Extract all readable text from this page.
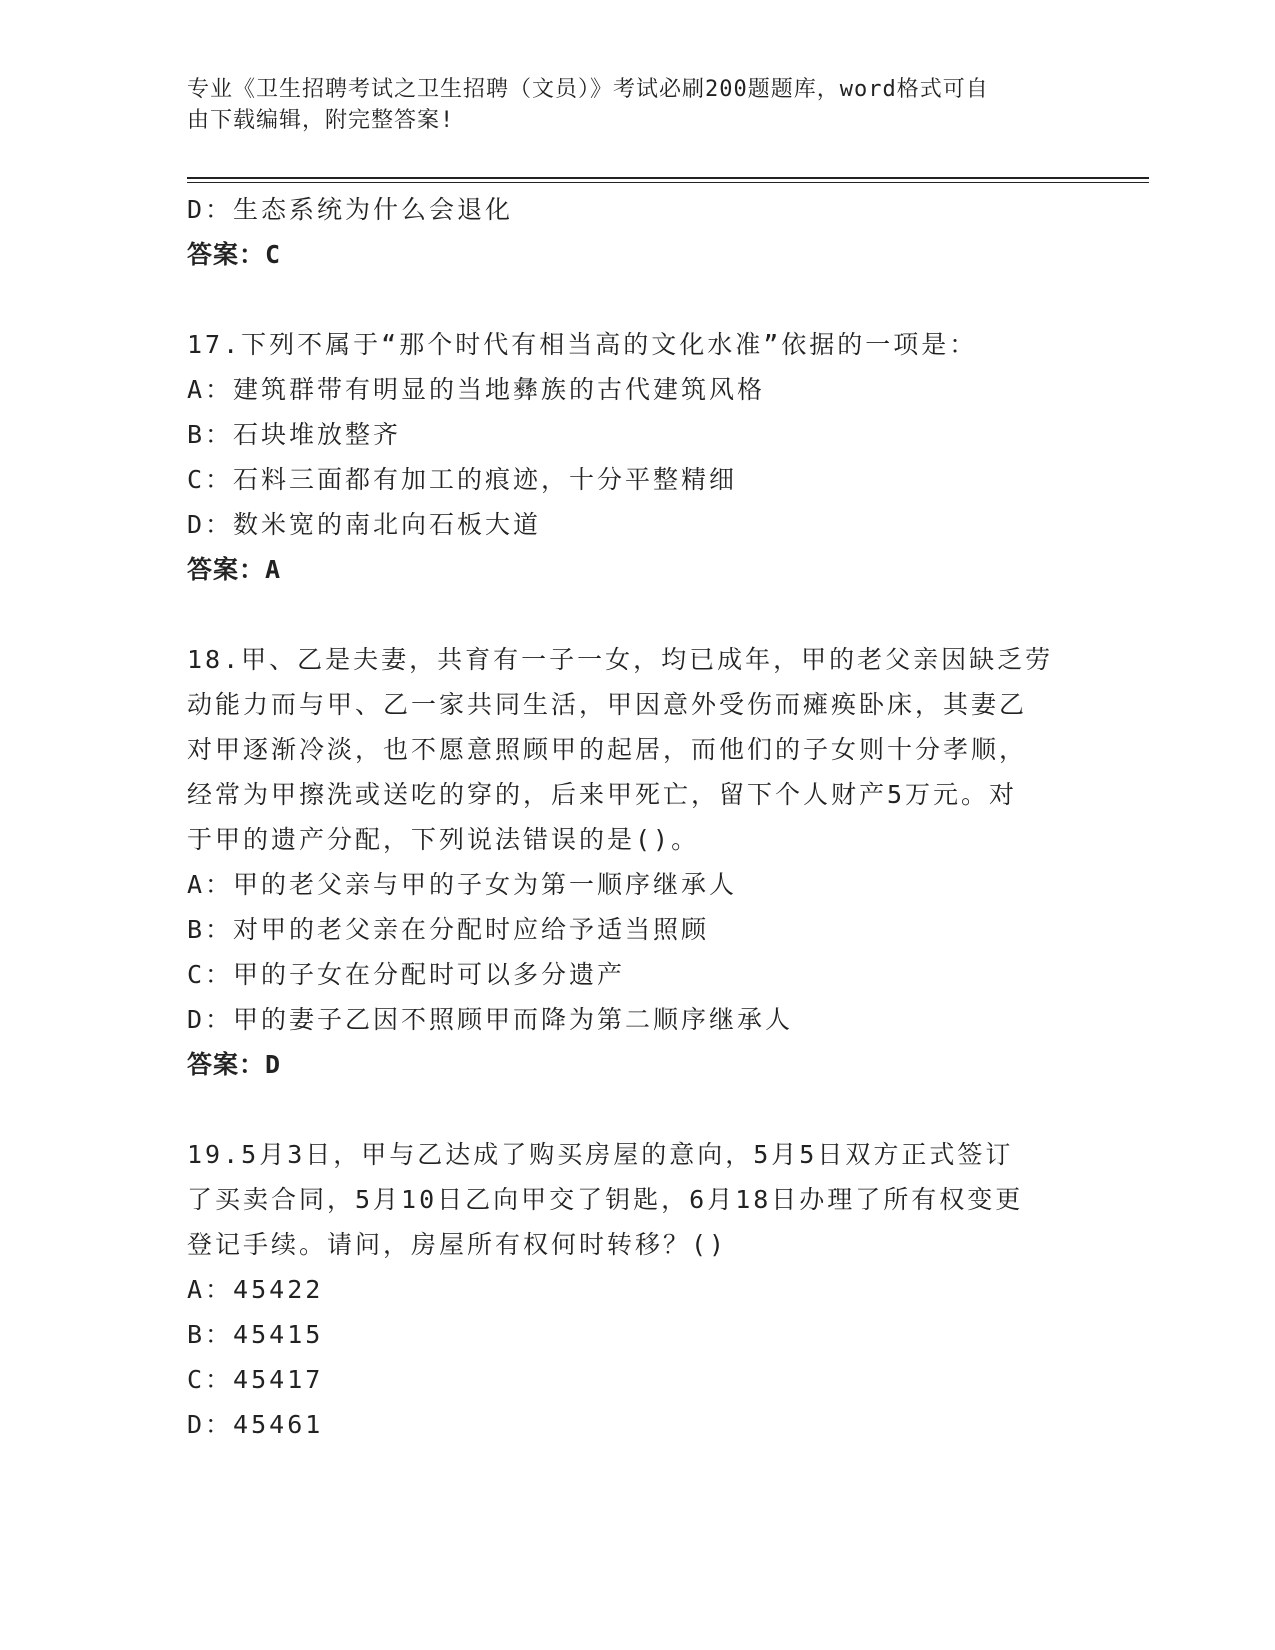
专业《卫生招聘考试之卫生招聘（文员）》考试必刷200题题库，word格式可自
由下载编辑，附完整答案!
D：生态系统为什么会退化
答案：C
17.下列不属于“那个时代有相当高的文化水准”依据的一项是：
A：建筑群带有明显的当地彝族的古代建筑风格
B：石块堆放整齐
C：石料三面都有加工的痕迹，十分平整精细
D：数米宽的南北向石板大道
答案：A
18.甲、乙是夫妻，共育有一子一女，均已成年，甲的老父亲因缺乏劳
动能力而与甲、乙一家共同生活，甲因意外受伤而瘫痪卧床，其妻乙
对甲逐渐冷淡，也不愿意照顾甲的起居，而他们的子女则十分孝顺，
经常为甲擦洗或送吃的穿的，后来甲死亡，留下个人财产5万元。对
于甲的遗产分配，下列说法错误的是()。
A：甲的老父亲与甲的子女为第一顺序继承人
B：对甲的老父亲在分配时应给予适当照顾
C：甲的子女在分配时可以多分遗产
D：甲的妻子乙因不照顾甲而降为第二顺序继承人
答案：D
19.5月3日，甲与乙达成了购买房屋的意向，5月5日双方正式签订
了买卖合同，5月10日乙向甲交了钥匙，6月18日办理了所有权变更
登记手续。请问，房屋所有权何时转移？()
A：45422
B：45415
C：45417
D：45461
